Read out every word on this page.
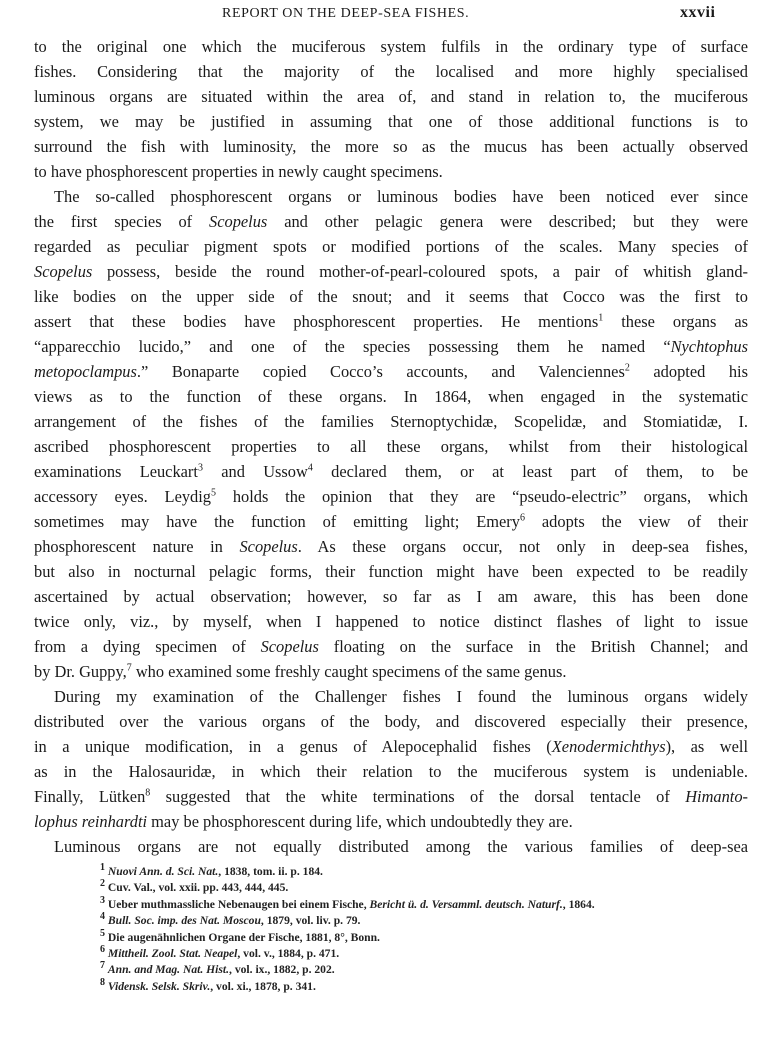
REPORT ON THE DEEP-SEA FISHES.	xxvii
to the original one which the muciferous system fulfils in the ordinary type of surface
fishes. Considering that the majority of the localised and more highly specialised
luminous organs are situated within the area of, and stand in relation to, the muciferous
system, we may be justified in assuming that one of those additional functions is to
surround the fish with luminosity, the more so as the mucus has been actually observed
to have phosphorescent properties in newly caught specimens.
The so-called phosphorescent organs or luminous bodies have been noticed ever since
the first species of Scopelus and other pelagic genera were described; but they were
regarded as peculiar pigment spots or modified portions of the scales. Many species of
Scopelus possess, beside the round mother-of-pearl-coloured spots, a pair of whitish gland-
like bodies on the upper side of the snout; and it seems that Cocco was the first to
assert that these bodies have phosphorescent properties. He mentions$^1$ these organs as
“apparecchio lucido,” and one of the species possessing them he named “Nychtophus
metopoclampus.” Bonaparte copied Cocco’s accounts, and Valenciennes$^2$ adopted his
views as to the function of these organs. In 1864, when engaged in the systematic
arrangement of the fishes of the families Sternoptychidæ, Scopelidæ, and Stomiatidæ, I.
ascribed phosphorescent properties to all these organs, whilst from their histological
examinations Leuckart$^3$ and Ussow$^4$ declared them, or at least part of them, to be
accessory eyes. Leydig$^5$ holds the opinion that they are “pseudo-electric” organs, which
sometimes may have the function of emitting light; Emery$^6$ adopts the view of their
phosphorescent nature in Scopelus. As these organs occur, not only in deep-sea fishes,
but also in nocturnal pelagic forms, their function might have been expected to be readily
ascertained by actual observation; however, so far as I am aware, this has been done
twice only, viz., by myself, when I happened to notice distinct flashes of light to issue
from a dying specimen of Scopelus floating on the surface in the British Channel; and
by Dr. Guppy,$^7$ who examined some freshly caught specimens of the same genus.
During my examination of the Challenger fishes I found the luminous organs widely
distributed over the various organs of the body, and discovered especially their presence,
in a unique modification, in a genus of Alepocephalid fishes (Xenodermichthys), as well
as in the Halosauridæ, in which their relation to the muciferous system is undeniable.
Finally, Lütken$^8$ suggested that the white terminations of the dorsal tentacle of Himanto-
lophus reinhardti may be phosphorescent during life, which undoubtedly they are.
Luminous organs are not equally distributed among the various families of deep-sea
$^1$ Nuovi Ann. d. Sci. Nat., 1838, tom. ii. p. 184.
$^2$ Cuv. Val., vol. xxii. pp. 443, 444, 445.
$^3$ Ueber muthmassliche Nebenaugen bei einem Fische, Bericht ü. d. Versamml. deutsch. Naturf., 1864.
$^4$ Bull. Soc. imp. des Nat. Moscou, 1879, vol. liv. p. 79.
$^5$ Die augenähnlichen Organe der Fische, 1881, 8°, Bonn.
$^6$ Mittheil. Zool. Stat. Neapel, vol. v., 1884, p. 471.
$^7$ Ann. and Mag. Nat. Hist., vol. ix., 1882, p. 202.
$^8$ Vidensk. Selsk. Skriv., vol. xi., 1878, p. 341.
